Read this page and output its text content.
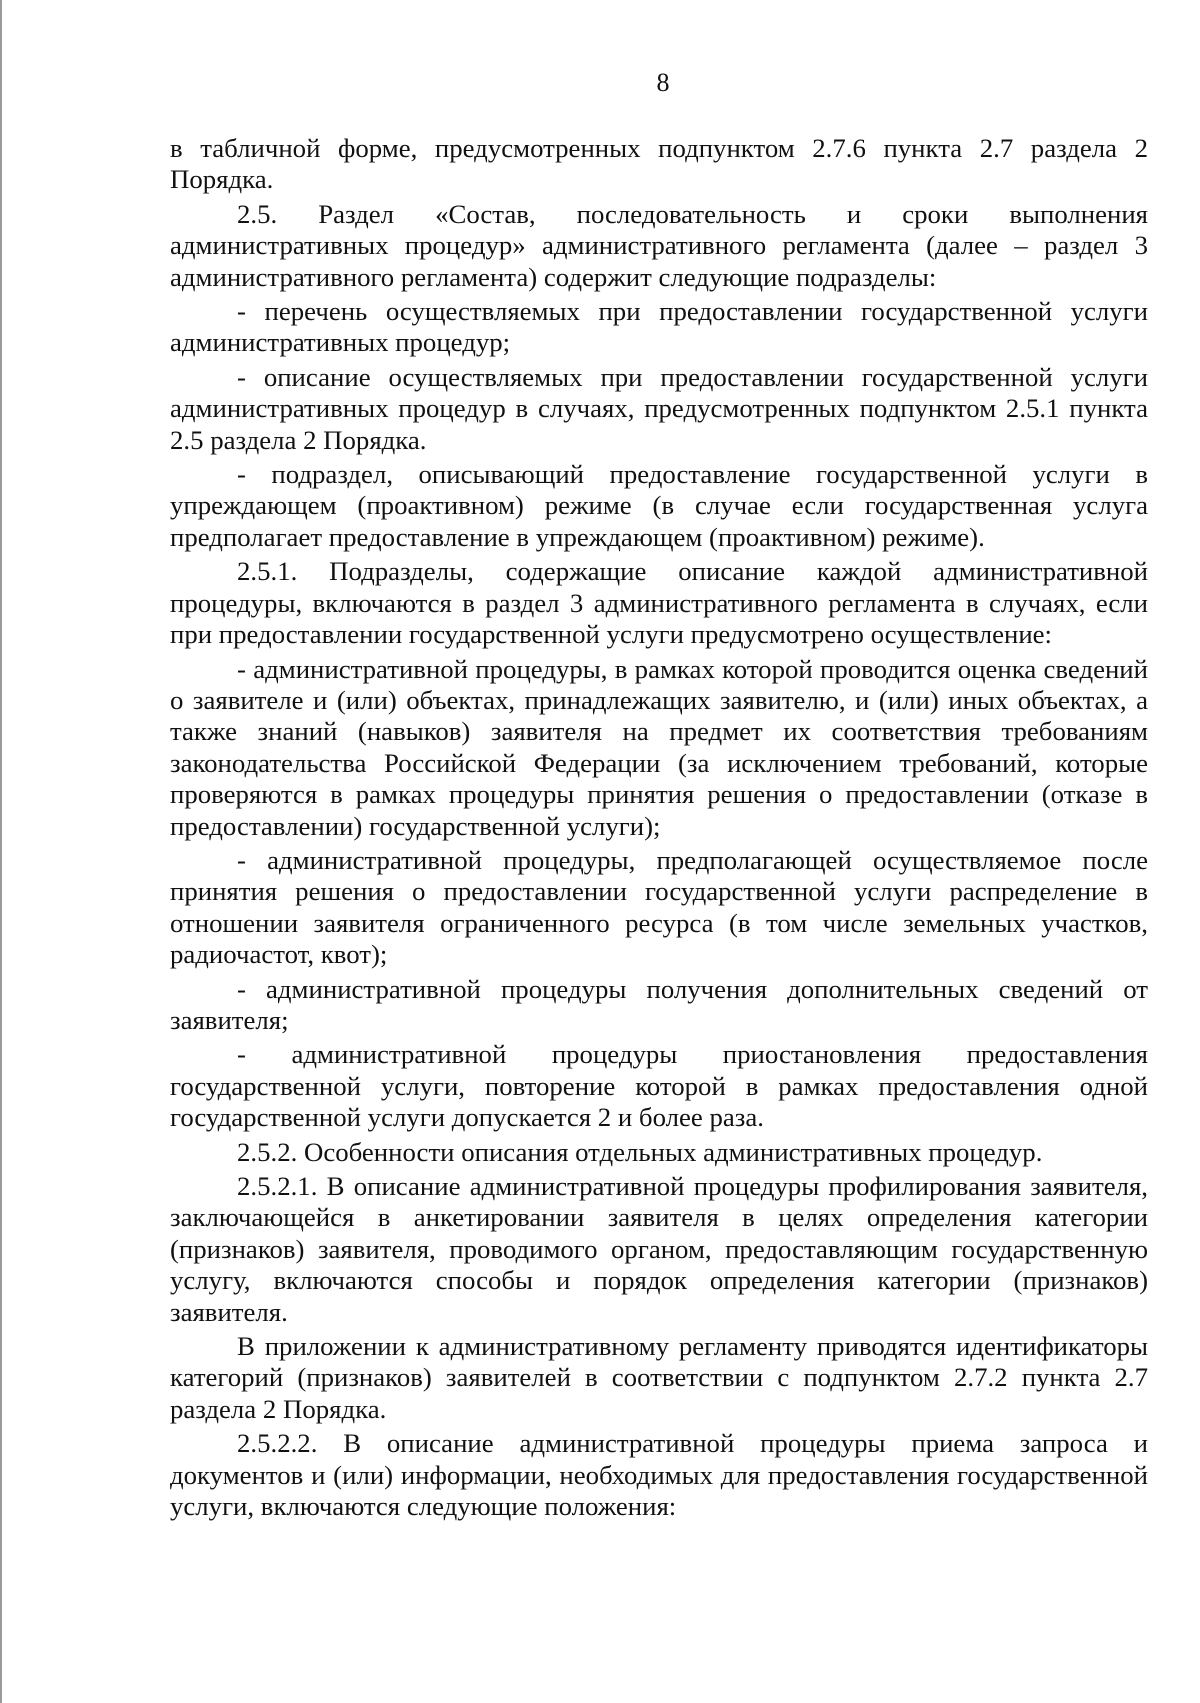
8

в табличной форме, предусмотренных подпунктом 2.7.6 пункта 2.7 раздела 2 Порядка.

2.5. Раздел «Состав, последовательность и сроки выполнения административных процедур» административного регламента (далее – раздел 3 административного регламента) содержит следующие подразделы:

- перечень осуществляемых при предоставлении государственной услуги административных процедур;

- описание осуществляемых при предоставлении государственной услуги административных процедур в случаях, предусмотренных подпунктом 2.5.1 пункта 2.5 раздела 2 Порядка.

- подраздел, описывающий предоставление государственной услуги в упреждающем (проактивном) режиме (в случае если государственная услуга предполагает предоставление в упреждающем (проактивном) режиме).

2.5.1. Подразделы, содержащие описание каждой административной процедуры, включаются в раздел 3 административного регламента в случаях, если при предоставлении государственной услуги предусмотрено осуществление:

- административной процедуры, в рамках которой проводится оценка сведений о заявителе и (или) объектах, принадлежащих заявителю, и (или) иных объектах, а также знаний (навыков) заявителя на предмет их соответствия требованиям законодательства Российской Федерации (за исключением требований, которые проверяются в рамках процедуры принятия решения о предоставлении (отказе в предоставлении) государственной услуги);

- административной процедуры, предполагающей осуществляемое после принятия решения о предоставлении государственной услуги распределение в отношении заявителя ограниченного ресурса (в том числе земельных участков, радиочастот, квот);

- административной процедуры получения дополнительных сведений от заявителя;

- административной процедуры приостановления предоставления государственной услуги, повторение которой в рамках предоставления одной государственной услуги допускается 2 и более раза.

2.5.2. Особенности описания отдельных административных процедур.

2.5.2.1. В описание административной процедуры профилирования заявителя, заключающейся в анкетировании заявителя в целях определения категории (признаков) заявителя, проводимого органом, предоставляющим государственную услугу, включаются способы и порядок определения категории (признаков) заявителя.

В приложении к административному регламенту приводятся идентификаторы категорий (признаков) заявителей в соответствии с подпунктом 2.7.2 пункта 2.7 раздела 2 Порядка.

2.5.2.2. В описание административной процедуры приема запроса и документов и (или) информации, необходимых для предоставления государственной услуги, включаются следующие положения:
